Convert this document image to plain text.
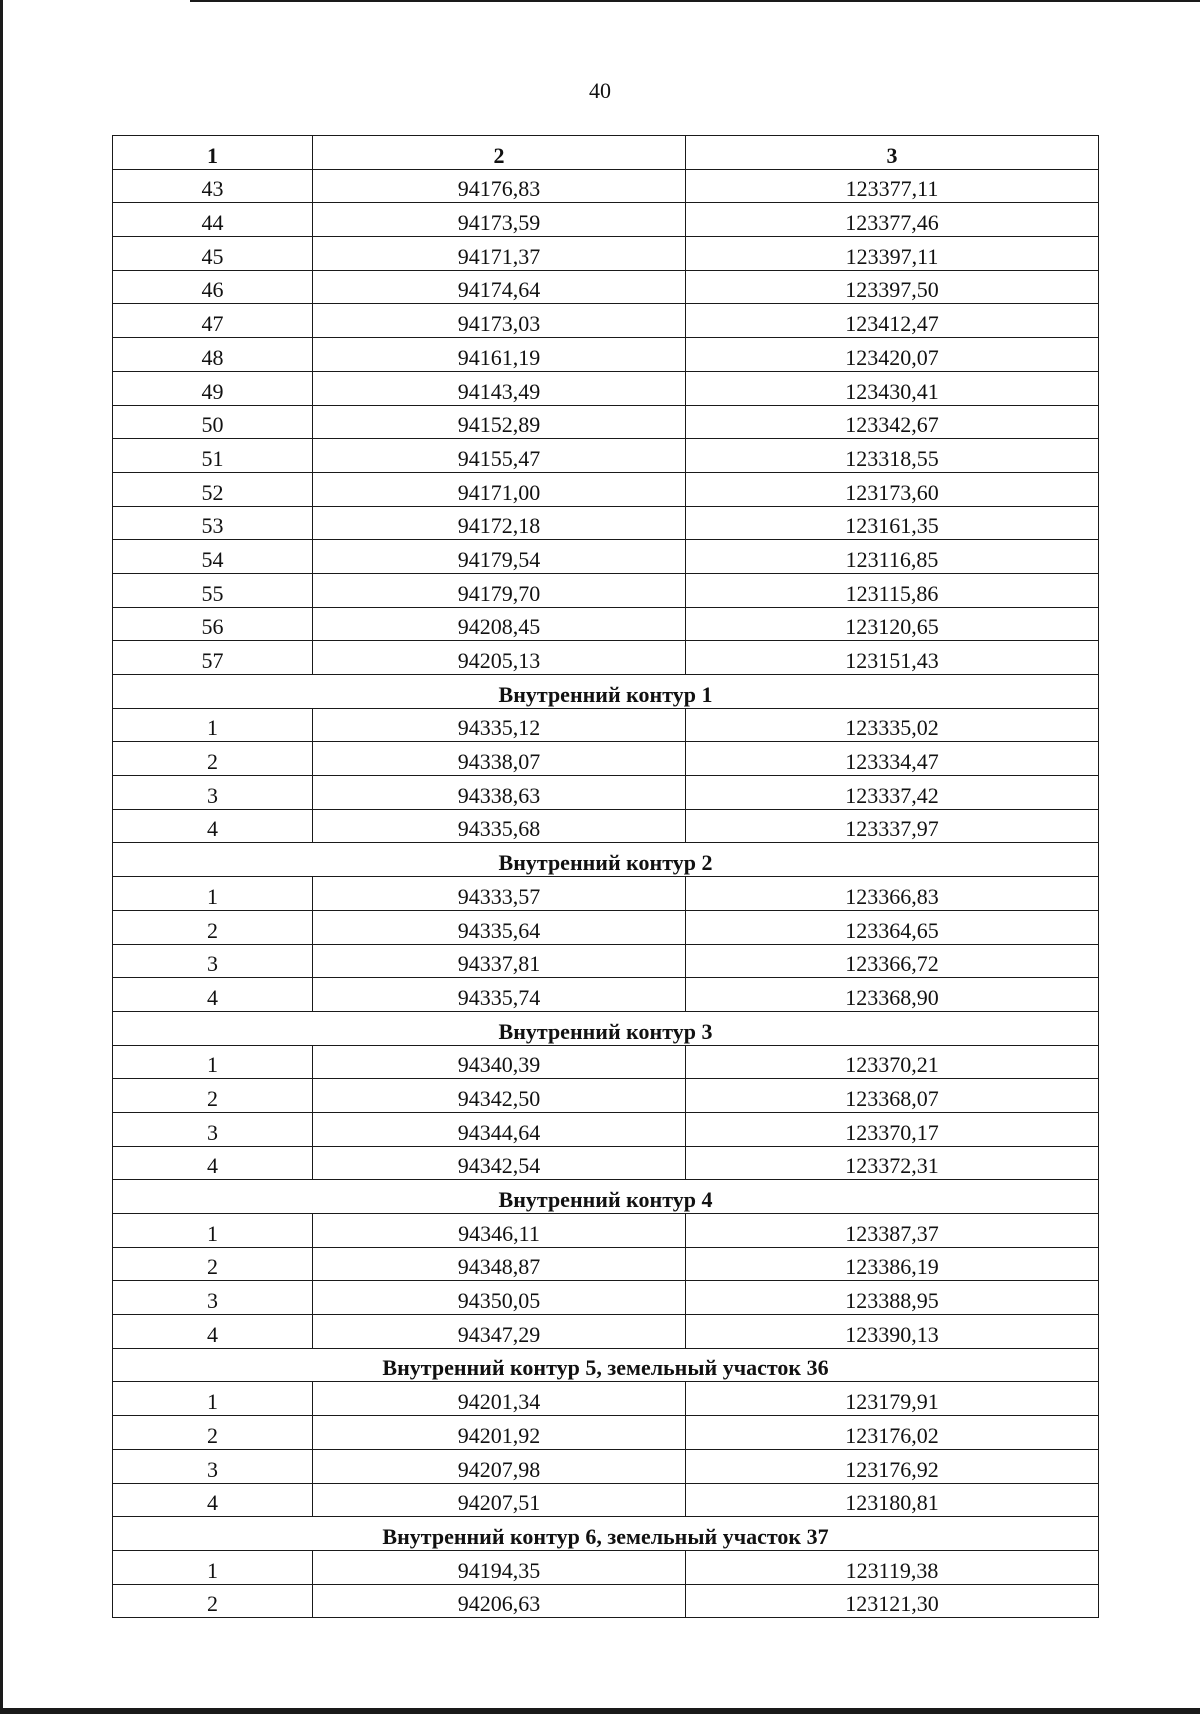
40
1	2	3
43	94176,83	123377,11
44	94173,59	123377,46
45	94171,37	123397,11
46	94174,64	123397,50
47	94173,03	123412,47
48	94161,19	123420,07
49	94143,49	123430,41
50	94152,89	123342,67
51	94155,47	123318,55
52	94171,00	123173,60
53	94172,18	123161,35
54	94179,54	123116,85
55	94179,70	123115,86
56	94208,45	123120,65
57	94205,13	123151,43
Внутренний контур 1		
1	94335,12	123335,02
2	94338,07	123334,47
3	94338,63	123337,42
4	94335,68	123337,97
Внутренний контур 2		
1	94333,57	123366,83
2	94335,64	123364,65
3	94337,81	123366,72
4	94335,74	123368,90
Внутренний контур 3		
1	94340,39	123370,21
2	94342,50	123368,07
3	94344,64	123370,17
4	94342,54	123372,31
Внутренний контур 4		
1	94346,11	123387,37
2	94348,87	123386,19
3	94350,05	123388,95
4	94347,29	123390,13
Внутренний контур 5, земельный участок 36		
1	94201,34	123179,91
2	94201,92	123176,02
3	94207,98	123176,92
4	94207,51	123180,81
Внутренний контур 6, земельный участок 37		
1	94194,35	123119,38
2	94206,63	123121,30
